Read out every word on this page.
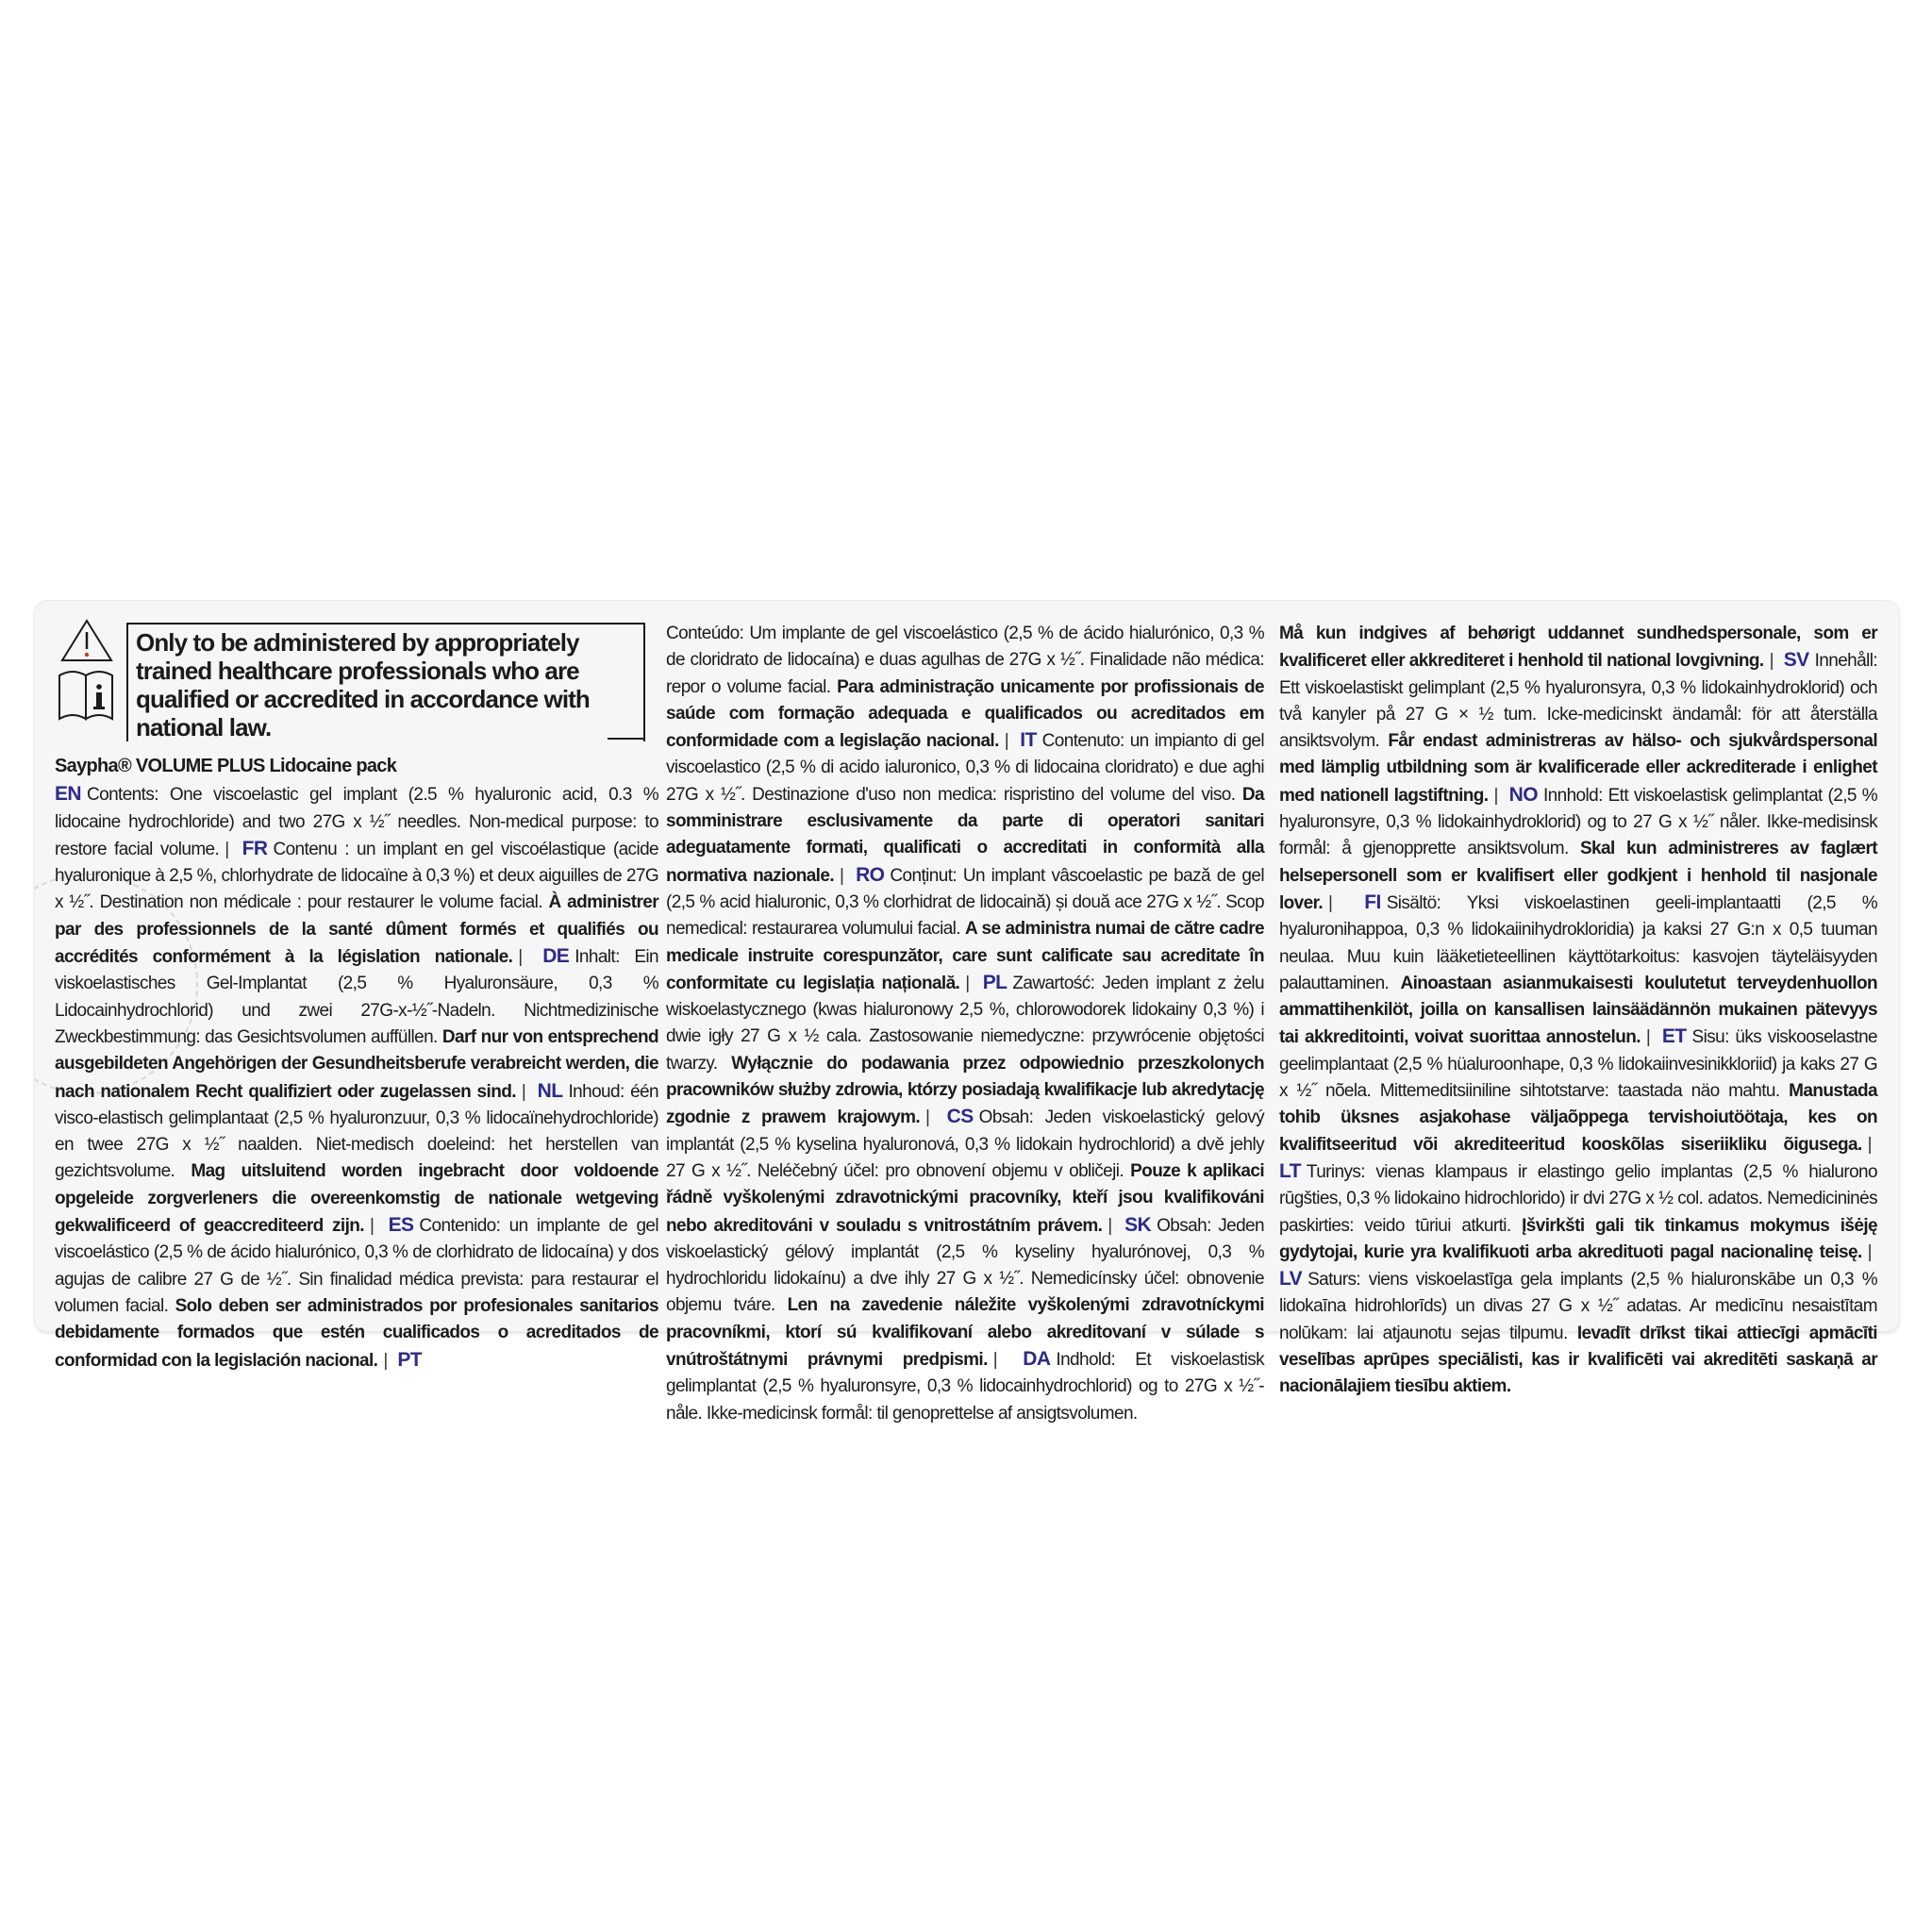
Only to be administered by appropriately trained healthcare professionals who are qualified or accredited in accordance with national law.
Saypha® VOLUME PLUS Lidocaine pack
EN Contents: One viscoelastic gel implant (2.5 % hyaluronic acid, 0.3 % lidocaine hydrochloride) and two 27G x ½˝ needles. Non-medical purpose: to restore facial volume. | FR Contenu : un implant en gel viscoélastique (acide hyaluronique à 2,5 %, chlorhydrate de lidocaïne à 0,3 %) et deux aiguilles de 27G x ½˝. Destination non médicale : pour restaurer le volume facial. À administrer par des professionnels de la santé dûment formés et qualifiés ou accrédités conformément à la législation nationale. | DE Inhalt: Ein viskoelastisches Gel-Implantat (2,5 % Hyaluronsäure, 0,3 % Lidocainhydrochlorid) und zwei 27G-x-½˝-Nadeln. Nichtmedizinische Zweckbestimmung: das Gesichtsvolumen auffüllen. Darf nur von entsprechend ausgebildeten Angehörigen der Gesundheitsberufe verabreicht werden, die nach nationalem Recht qualifiziert oder zugelassen sind. | NL Inhoud: één visco-elastisch gelimplantaat (2,5 % hyaluronzuur, 0,3 % lidocaïnehydrochloride) en twee 27G x ½˝ naalden. Niet-medisch doeleind: het herstellen van gezichtsvolume. Mag uitsluitend worden ingebracht door voldoende opgeleide zorgverleners die overeenkomstig de nationale wetgeving gekwalificeerd of geaccrediteerd zijn. | ES Contenido: un implante de gel viscoelástico (2,5 % de ácido hialurónico, 0,3 % de clorhidrato de lidocaína) y dos agujas de calibre 27 G de ½˝. Sin finalidad médica prevista: para restaurar el volumen facial. Solo deben ser administrados por profesionales sanitarios debidamente formados que estén cualificados o acreditados de conformidad con la legislación nacional. | PT
Conteúdo: Um implante de gel viscoelástico (2,5 % de ácido hialurónico, 0,3 % de cloridrato de lidocaína) e duas agulhas de 27G x ½˝. Finalidade não médica: repor o volume facial. Para administração unicamente por profissionais de saúde com formação adequada e qualificados ou acreditados em conformidade com a legislação nacional. | IT Contenuto: un impianto di gel viscoelastico (2,5 % di acido ialuronico, 0,3 % di lidocaina cloridrato) e due aghi 27G x ½˝. Destinazione d'uso non medica: rispristino del volume del viso. Da somministrare esclusivamente da parte di operatori sanitari adeguatamente formati, qualificati o accreditati in conformità alla normativa nazionale. | RO Conținut: Un implant vâscoelastic pe bază de gel (2,5 % acid hialuronic, 0,3 % clorhidrat de lidocaină) și două ace 27G x ½˝. Scop nemedical: restaurarea volumului facial. A se administra numai de către cadre medicale instruite corespunzător, care sunt calificate sau acreditate în conformitate cu legislația națională. | PL Zawartość: Jeden implant z żelu wiskoelastycznego (kwas hialuronowy 2,5 %, chlorowodorek lidokainy 0,3 %) i dwie igły 27 G x ½ cala. Zastosowanie niemedyczne: przywrócenie objętości twarzy. Wyłącznie do podawania przez odpowiednio przeszkolonych pracowników służby zdrowia, którzy posiadają kwalifikacje lub akredytację zgodnie z prawem krajowym. | CS Obsah: Jeden viskoelastický gelový implantát (2,5 % kyselina hyaluronová, 0,3 % lidokain hydrochlorid) a dvě jehly 27 G x ½˝. Neléčebný účel: pro obnovení objemu v obličeji. Pouze k aplikaci řádně vyškolenými zdravotnickými pracovníky, kteří jsou kvalifikováni nebo akreditováni v souladu s vnitrostátním právem. | SK Obsah: Jeden viskoelastický gélový implantát (2,5 % kyseliny hyalurónovej, 0,3 % hydrochloridu lidokaínu) a dve ihly 27 G x ½˝. Nemedicínsky účel: obnovenie objemu tváre. Len na zavedenie náležite vyškolenými zdravotníckymi pracovníkmi, ktorí sú kvalifikovaní alebo akreditovaní v súlade s vnútroštátnymi právnymi predpismi. | DA Indhold: Et viskoelastisk gelimplantat (2,5 % hyaluronsyre, 0,3 % lidocainhydrochlorid) og to 27G x ½˝-nåle. Ikke-medicinsk formål: til genoprettelse af ansigtsvolumen.
Må kun indgives af behørigt uddannet sundhedspersonale, som er kvalificeret eller akkrediteret i henhold til national lovgivning. | SV Innehåll: Ett viskoelastiskt gelimplant (2,5 % hyaluronsyra, 0,3 % lidokainhydroklorid) och två kanyler på 27 G × ½ tum. Icke-medicinskt ändamål: för att återställa ansiktsvolym. Får endast administreras av hälso- och sjukvårdspersonal med lämplig utbildning som är kvalificerade eller ackrediterade i enlighet med nationell lagstiftning. | NO Innhold: Ett viskoelastisk gelimplantat (2,5 % hyaluronsyre, 0,3 % lidokainhydroklorid) og to 27 G x ½˝ nåler. Ikke-medisinsk formål: å gjenopprette ansiktsvolum. Skal kun administreres av faglært helsepersonell som er kvalifisert eller godkjent i henhold til nasjonale lover. | FI Sisältö: Yksi viskoelastinen geeli-implantaatti (2,5 % hyaluronihappoa, 0,3 % lidokaiinihydrokloridia) ja kaksi 27 G:n x 0,5 tuuman neulaa. Muu kuin lääketieteellinen käyttötarkoitus: kasvojen täyteläisyyden palauttaminen. Ainoastaan asianmukaisesti koulutetut terveydenhuollon ammattihenkilöt, joilla on kansallisen lainsäädännön mukainen pätevyys tai akkreditointi, voivat suorittaa annostelun. | ET Sisu: üks viskooselastne geelimplantaat (2,5 % hüaluroonhape, 0,3 % lidokaiinvesinikkloriid) ja kaks 27 G x ½˝ nõela. Mittemeditsiiniline sihtotstarve: taastada näo mahtu. Manustada tohib üksnes asjakohase väljaõppega tervishoiutöötaja, kes on kvalifitseeritud või akrediteeritud kooskõlas siseriikliku õigusega. | LT Turinys: vienas klampaus ir elastingo gelio implantas (2,5 % hialurono rūgšties, 0,3 % lidokaino hidrochlorido) ir dvi 27G x ½ col. adatos. Nemedicininės paskirties: veido tūriui atkurti. Įšvirkšti gali tik tinkamus mokymus išėję gydytojai, kurie yra kvalifikuoti arba akredituoti pagal nacionalinę teisę. | LV Saturs: viens viskoelastīga gela implants (2,5 % hialuronskābe un 0,3 % lidokaīna hidrohlorīds) un divas 27 G x ½˝ adatas. Ar medicīnu nesaistītam nolūkam: lai atjaunotu sejas tilpumu. Ievadīt drīkst tikai attiecīgi apmācīti veselības aprūpes speciālisti, kas ir kvalificēti vai akreditēti saskaņā ar nacionālajiem tiesību aktiem.
